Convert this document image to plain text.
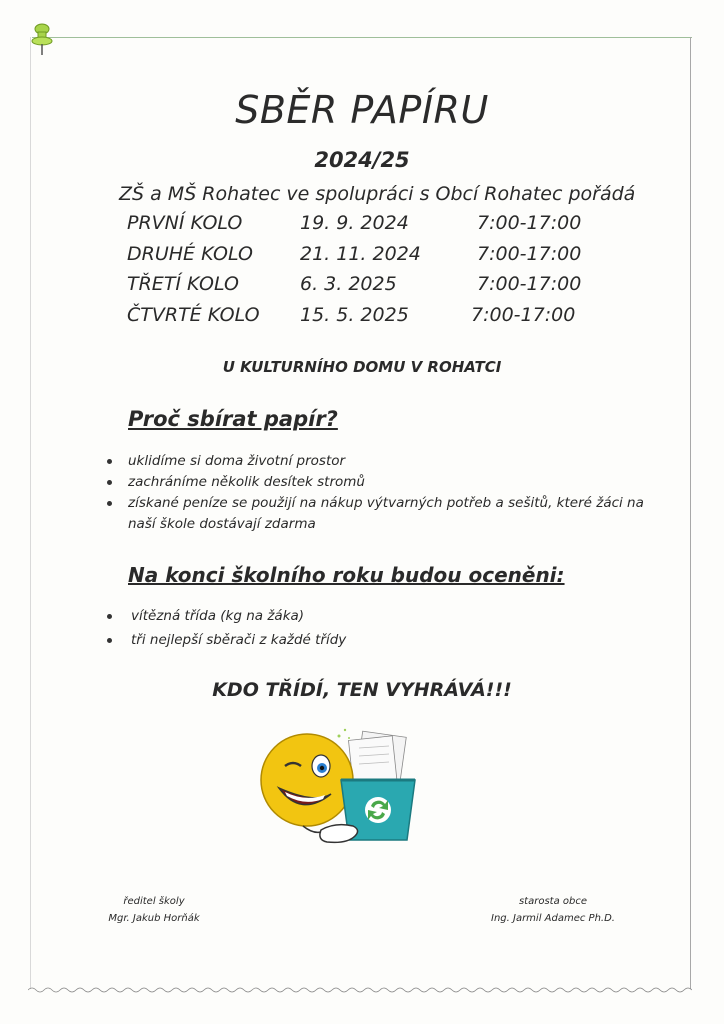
SBĚR PAPÍRU

2024/25

ZŠ a MŠ Rohatec ve spolupráci s Obcí Rohatec pořádá

PRVNÍ KOLO	19. 9. 2024	7:00-17:00
DRUHÉ KOLO 21. 11. 2024	7:00-17:00
TŘETÍ KOLO	6. 3. 2025	7:00-17:00
ČTVRTÉ KOLO 15. 5. 2025	7:00-17:00

U KULTURNÍHO DOMU V ROHATCI

Proč sbírat papír?
uklidíme si doma životní prostor
zachráníme několik desítek stromů
získané peníze se použijí na nákup výtvarných potřeb a sešitů, které žáci na naší škole dostávají zdarma
Na konci školního roku budou oceněni:
vítězná třída (kg na žáka)
tři nejlepší sběrači z každé třídy

KDO TŘÍDÍ, TEN VYHRÁVÁ!!!

ředitel školy
Mgr. Jakub Horňák
starosta obce
Ing. Jarmil Adamec Ph.D.
